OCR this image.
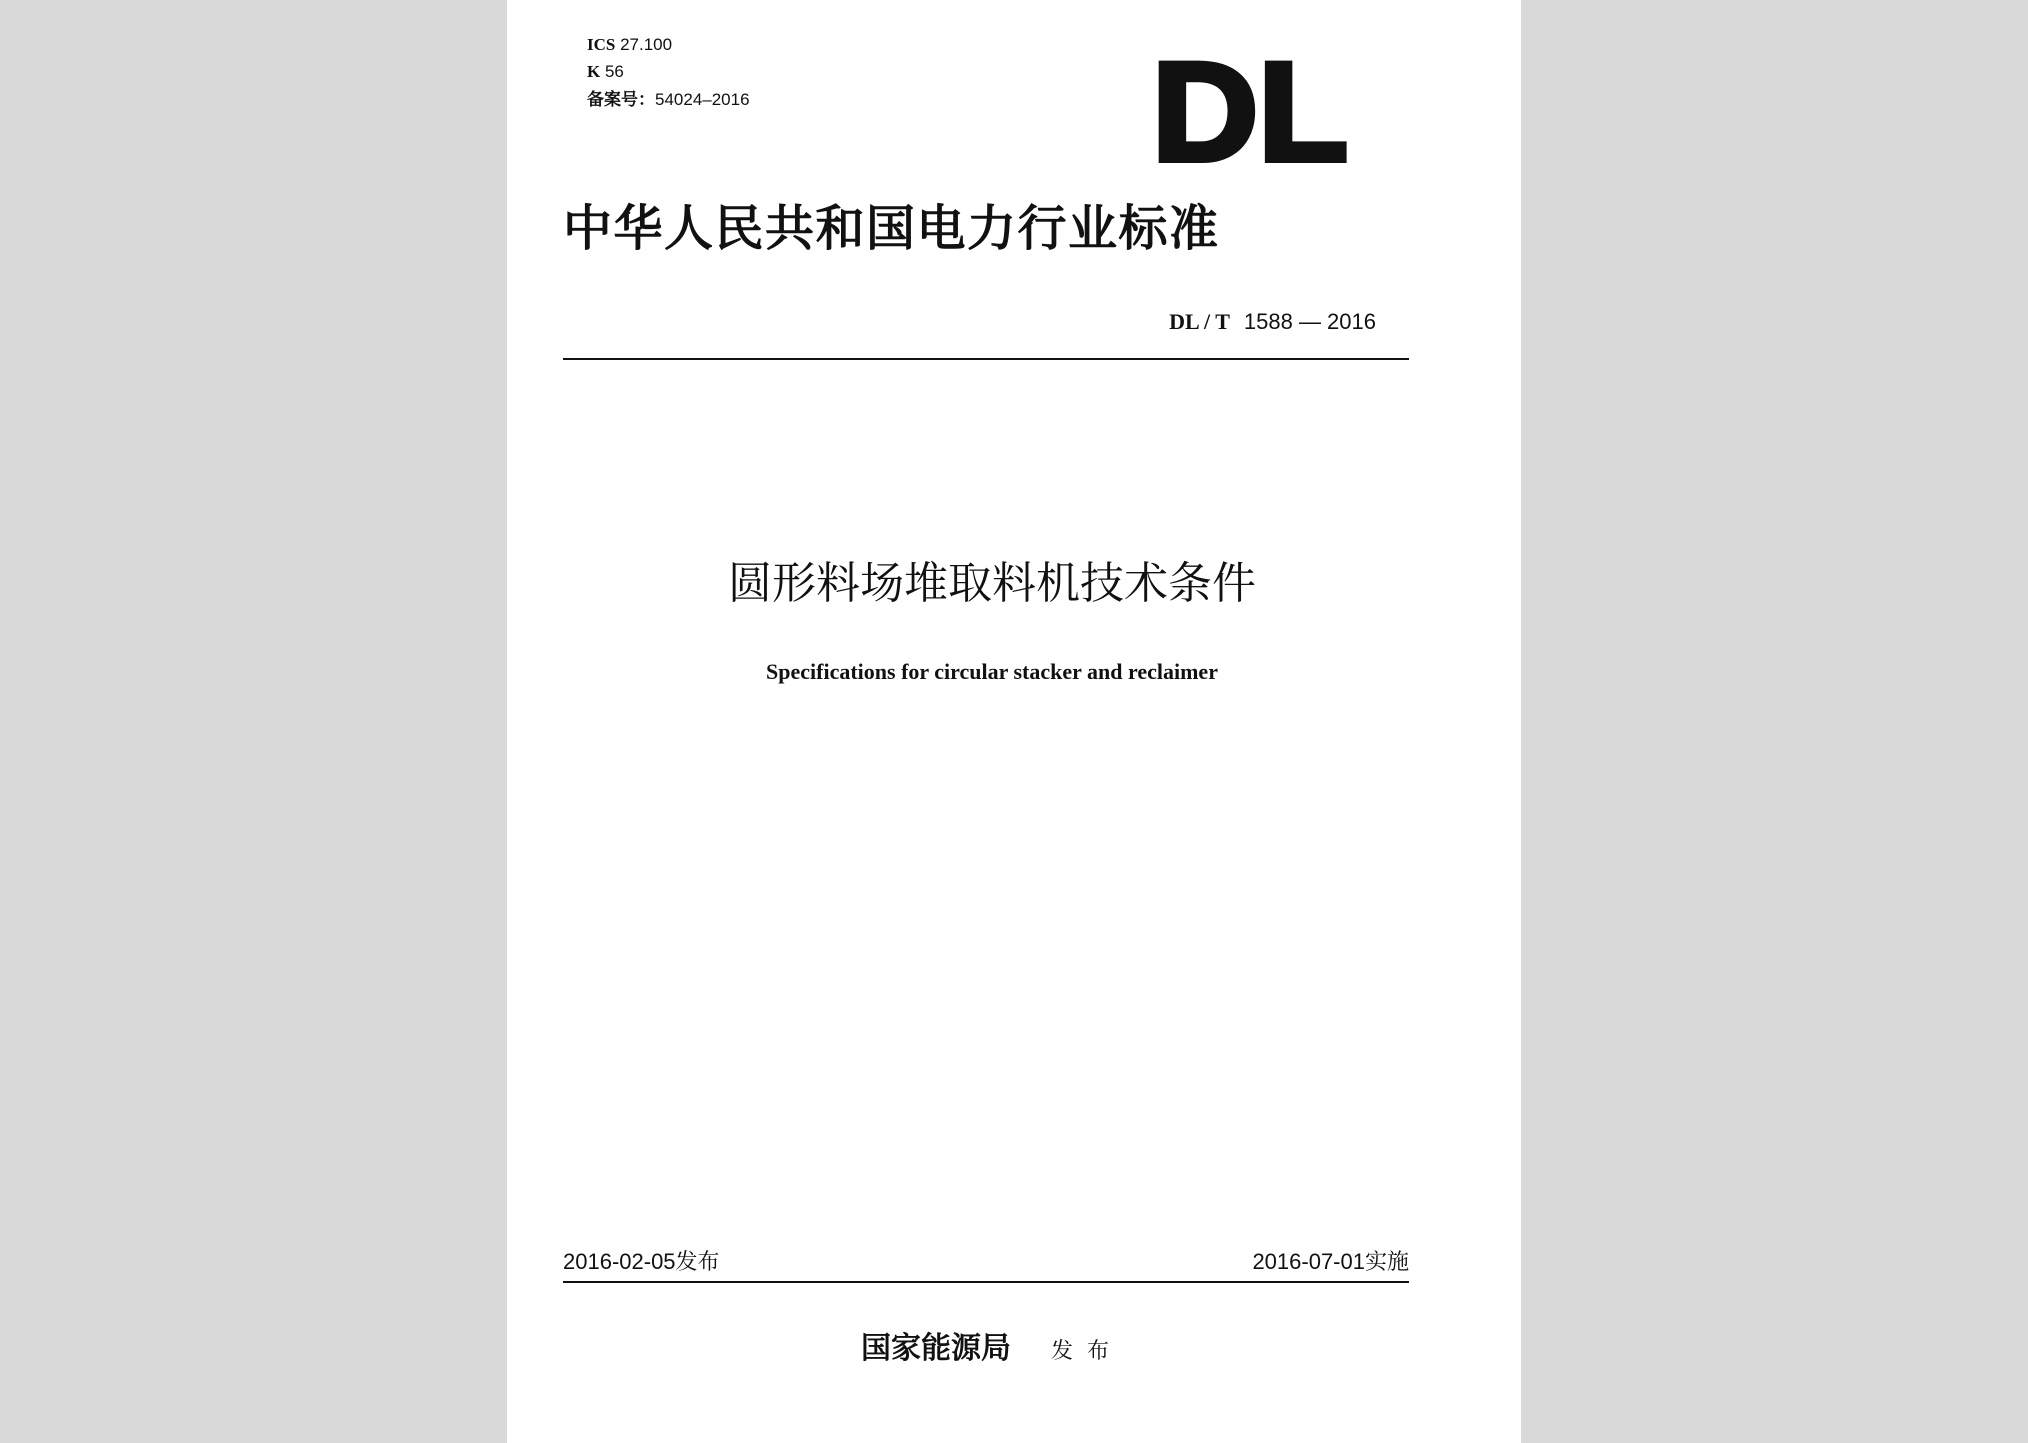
ICS 27.100
K 56
备案号：54024–2016	DL
中华人民共和国电力行业标准
DL / T 1588 — 2016
圆形料场堆取料机技术条件
Specifications for circular stacker and reclaimer
2016-02-05发布	2016-07-01实施
国家能源局 发布
